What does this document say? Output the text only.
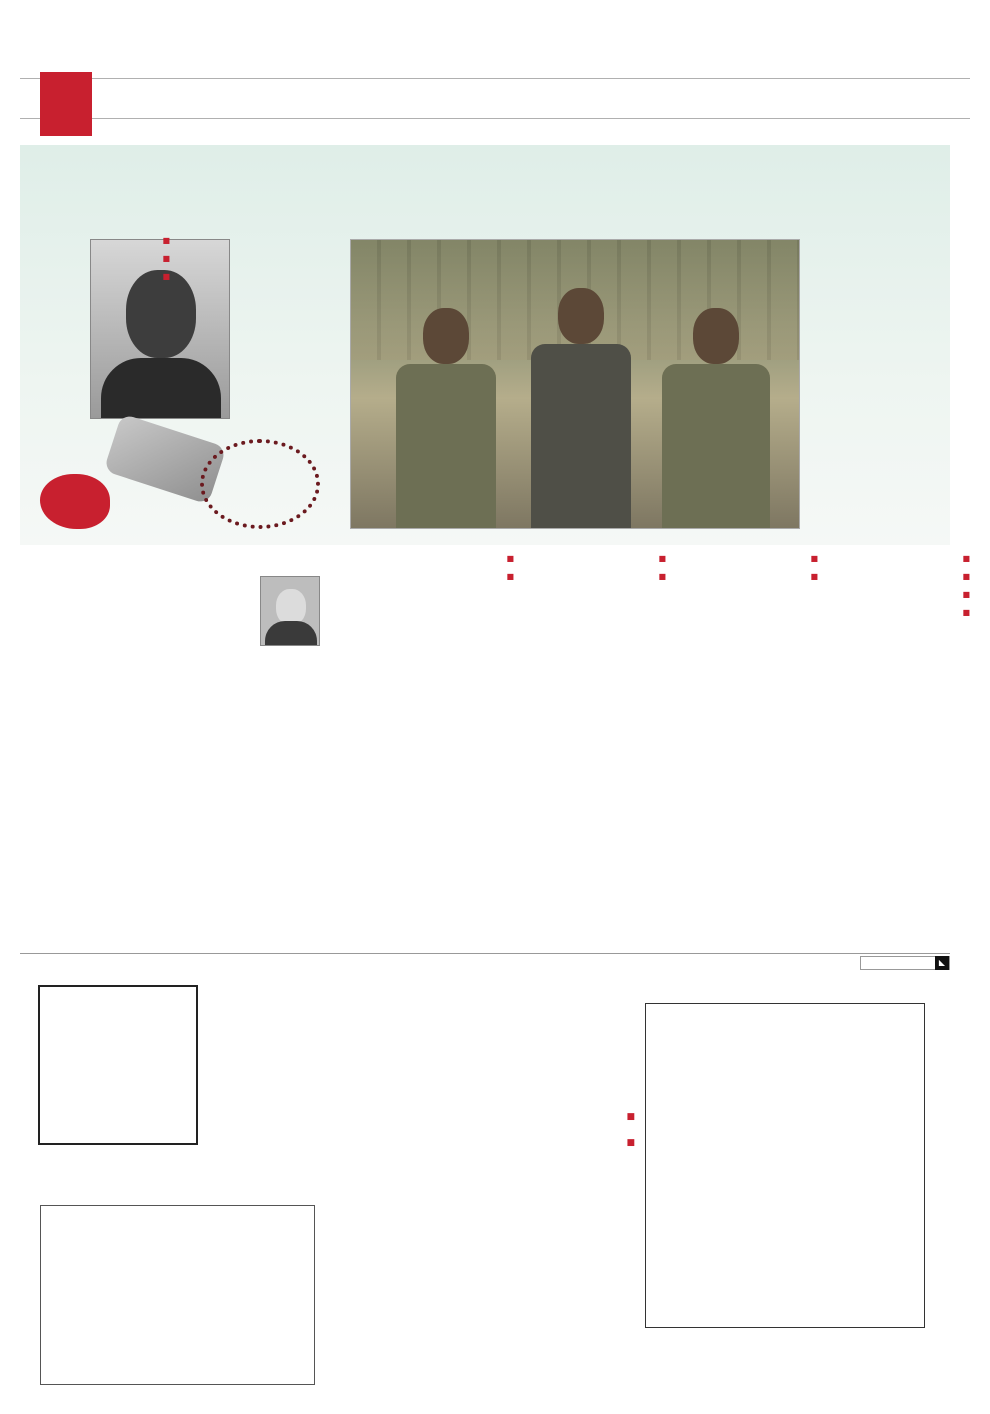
■
■
■
■
■
■
■
■
■
■
■
■
■
◣
■
■
